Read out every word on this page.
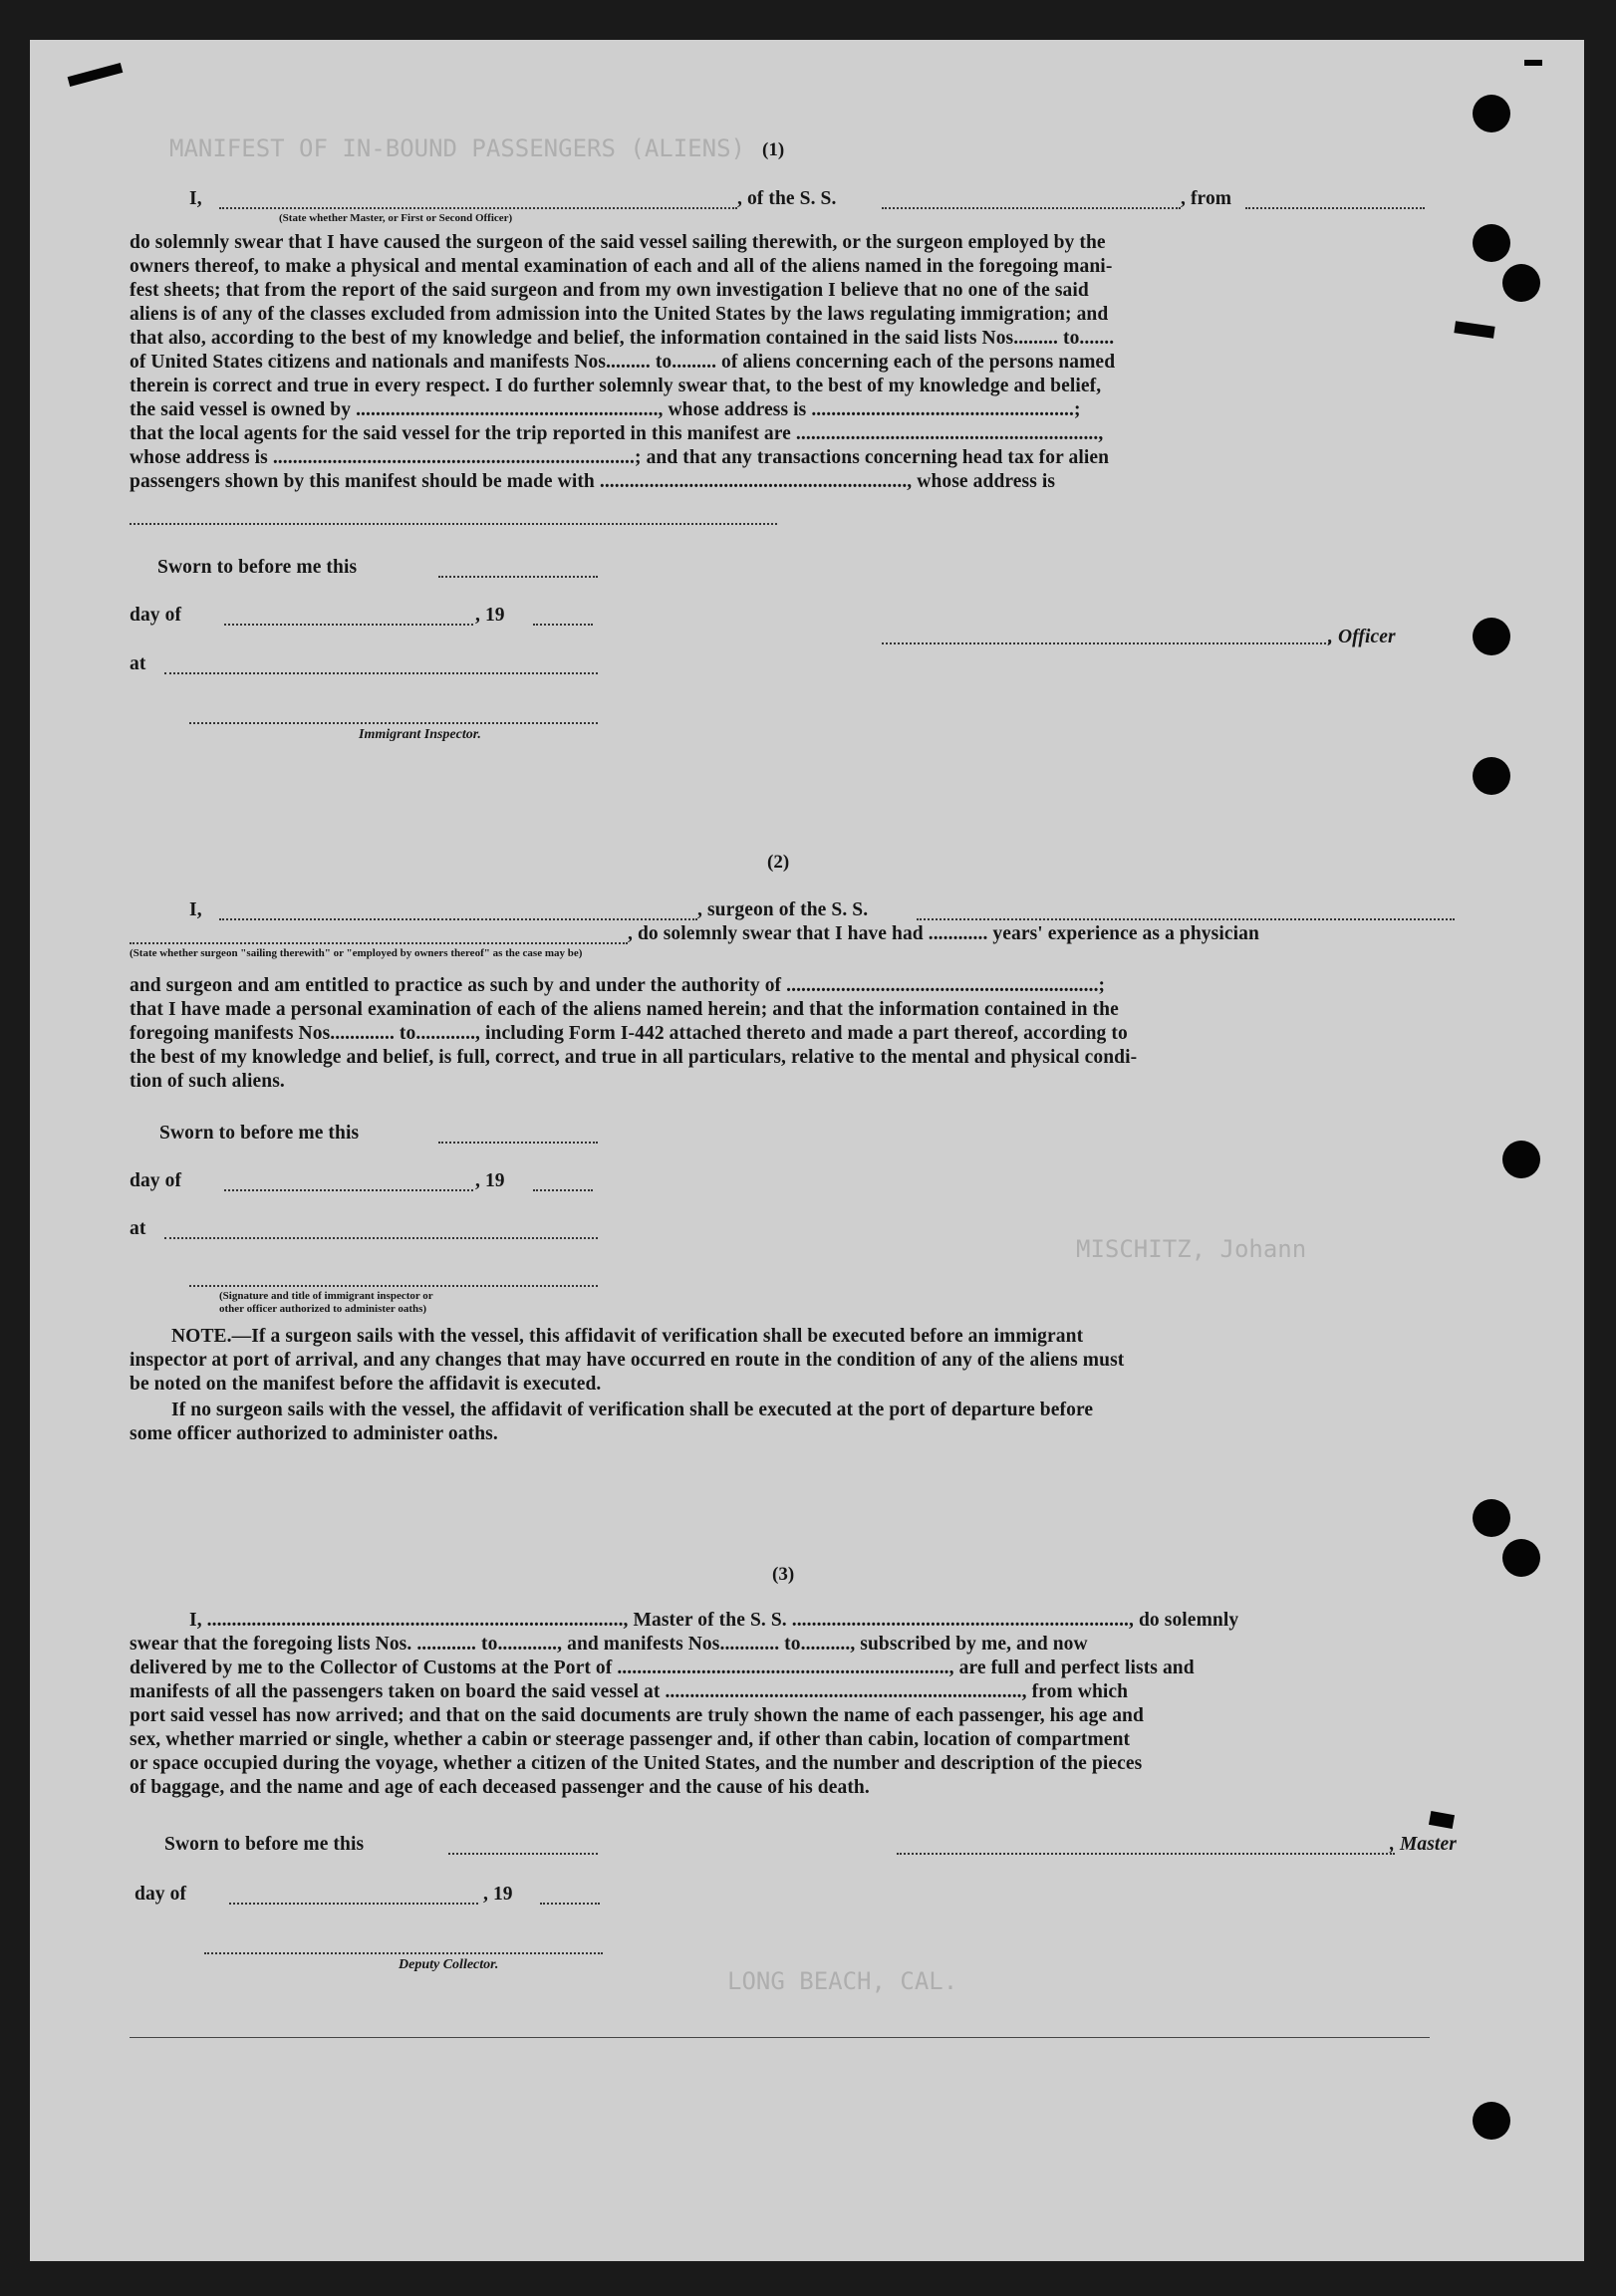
MANIFEST OF IN-BOUND PASSENGERS (ALIENS)
MISCHITZ, Johann
LONG BEACH, CAL.
(1)
I,	, of the S. S.	, from
(State whether Master, or First or Second Officer)
do solemnly swear that I have caused the surgeon of the said vessel sailing therewith, or the surgeon employed by the
owners thereof, to make a physical and mental examination of each and all of the aliens named in the foregoing mani-
fest sheets; that from the report of the said surgeon and from my own investigation I believe that no one of the said
aliens is of any of the classes excluded from admission into the United States by the laws regulating immigration; and
that also, according to the best of my knowledge and belief, the information contained in the said lists Nos......... to.......
of United States citizens and nationals and manifests Nos......... to......... of aliens concerning each of the persons named
therein is correct and true in every respect. I do further solemnly swear that, to the best of my knowledge and belief,
the said vessel is owned by ............................................................., whose address is .....................................................;
that the local agents for the said vessel for the trip reported in this manifest are .............................................................,
whose address is .........................................................................; and that any transactions concerning head tax for alien
passengers shown by this manifest should be made with .............................................................., whose address is
Sworn to before me this
day of	, 19
, Officer
at
Immigrant Inspector.
(2)
I,	, surgeon of the S. S.
, do solemnly swear that I have had ............ years' experience as a physician
(State whether surgeon "sailing therewith" or "employed by owners thereof" as the case may be)
and surgeon and am entitled to practice as such by and under the authority of ...............................................................;
that I have made a personal examination of each of the aliens named herein; and that the information contained in the
foregoing manifests Nos............. to............, including Form I-442 attached thereto and made a part thereof, according to
the best of my knowledge and belief, is full, correct, and true in all particulars, relative to the mental and physical condi-
tion of such aliens.
Sworn to before me this
day of	, 19
at
(Signature and title of immigrant inspector or
other officer authorized to administer oaths)
NOTE.—If a surgeon sails with the vessel, this affidavit of verification shall be executed before an immigrant
inspector at port of arrival, and any changes that may have occurred en route in the condition of any of the aliens must
be noted on the manifest before the affidavit is executed.
If no surgeon sails with the vessel, the affidavit of verification shall be executed at the port of departure before
some officer authorized to administer oaths.
(3)
I, ...................................................................................., Master of the S. S. ...................................................................., do solemnly
swear that the foregoing lists Nos. ............ to............, and manifests Nos............ to.........., subscribed by me, and now
delivered by me to the Collector of Customs at the Port of ..................................................................., are full and perfect lists and
manifests of all the passengers taken on board the said vessel at ........................................................................, from which
port said vessel has now arrived; and that on the said documents are truly shown the name of each passenger, his age and
sex, whether married or single, whether a cabin or steerage passenger and, if other than cabin, location of compartment
or space occupied during the voyage, whether a citizen of the United States, and the number and description of the pieces
of baggage, and the name and age of each deceased passenger and the cause of his death.
Sworn to before me this	, Master
day of	, 19
Deputy Collector.
